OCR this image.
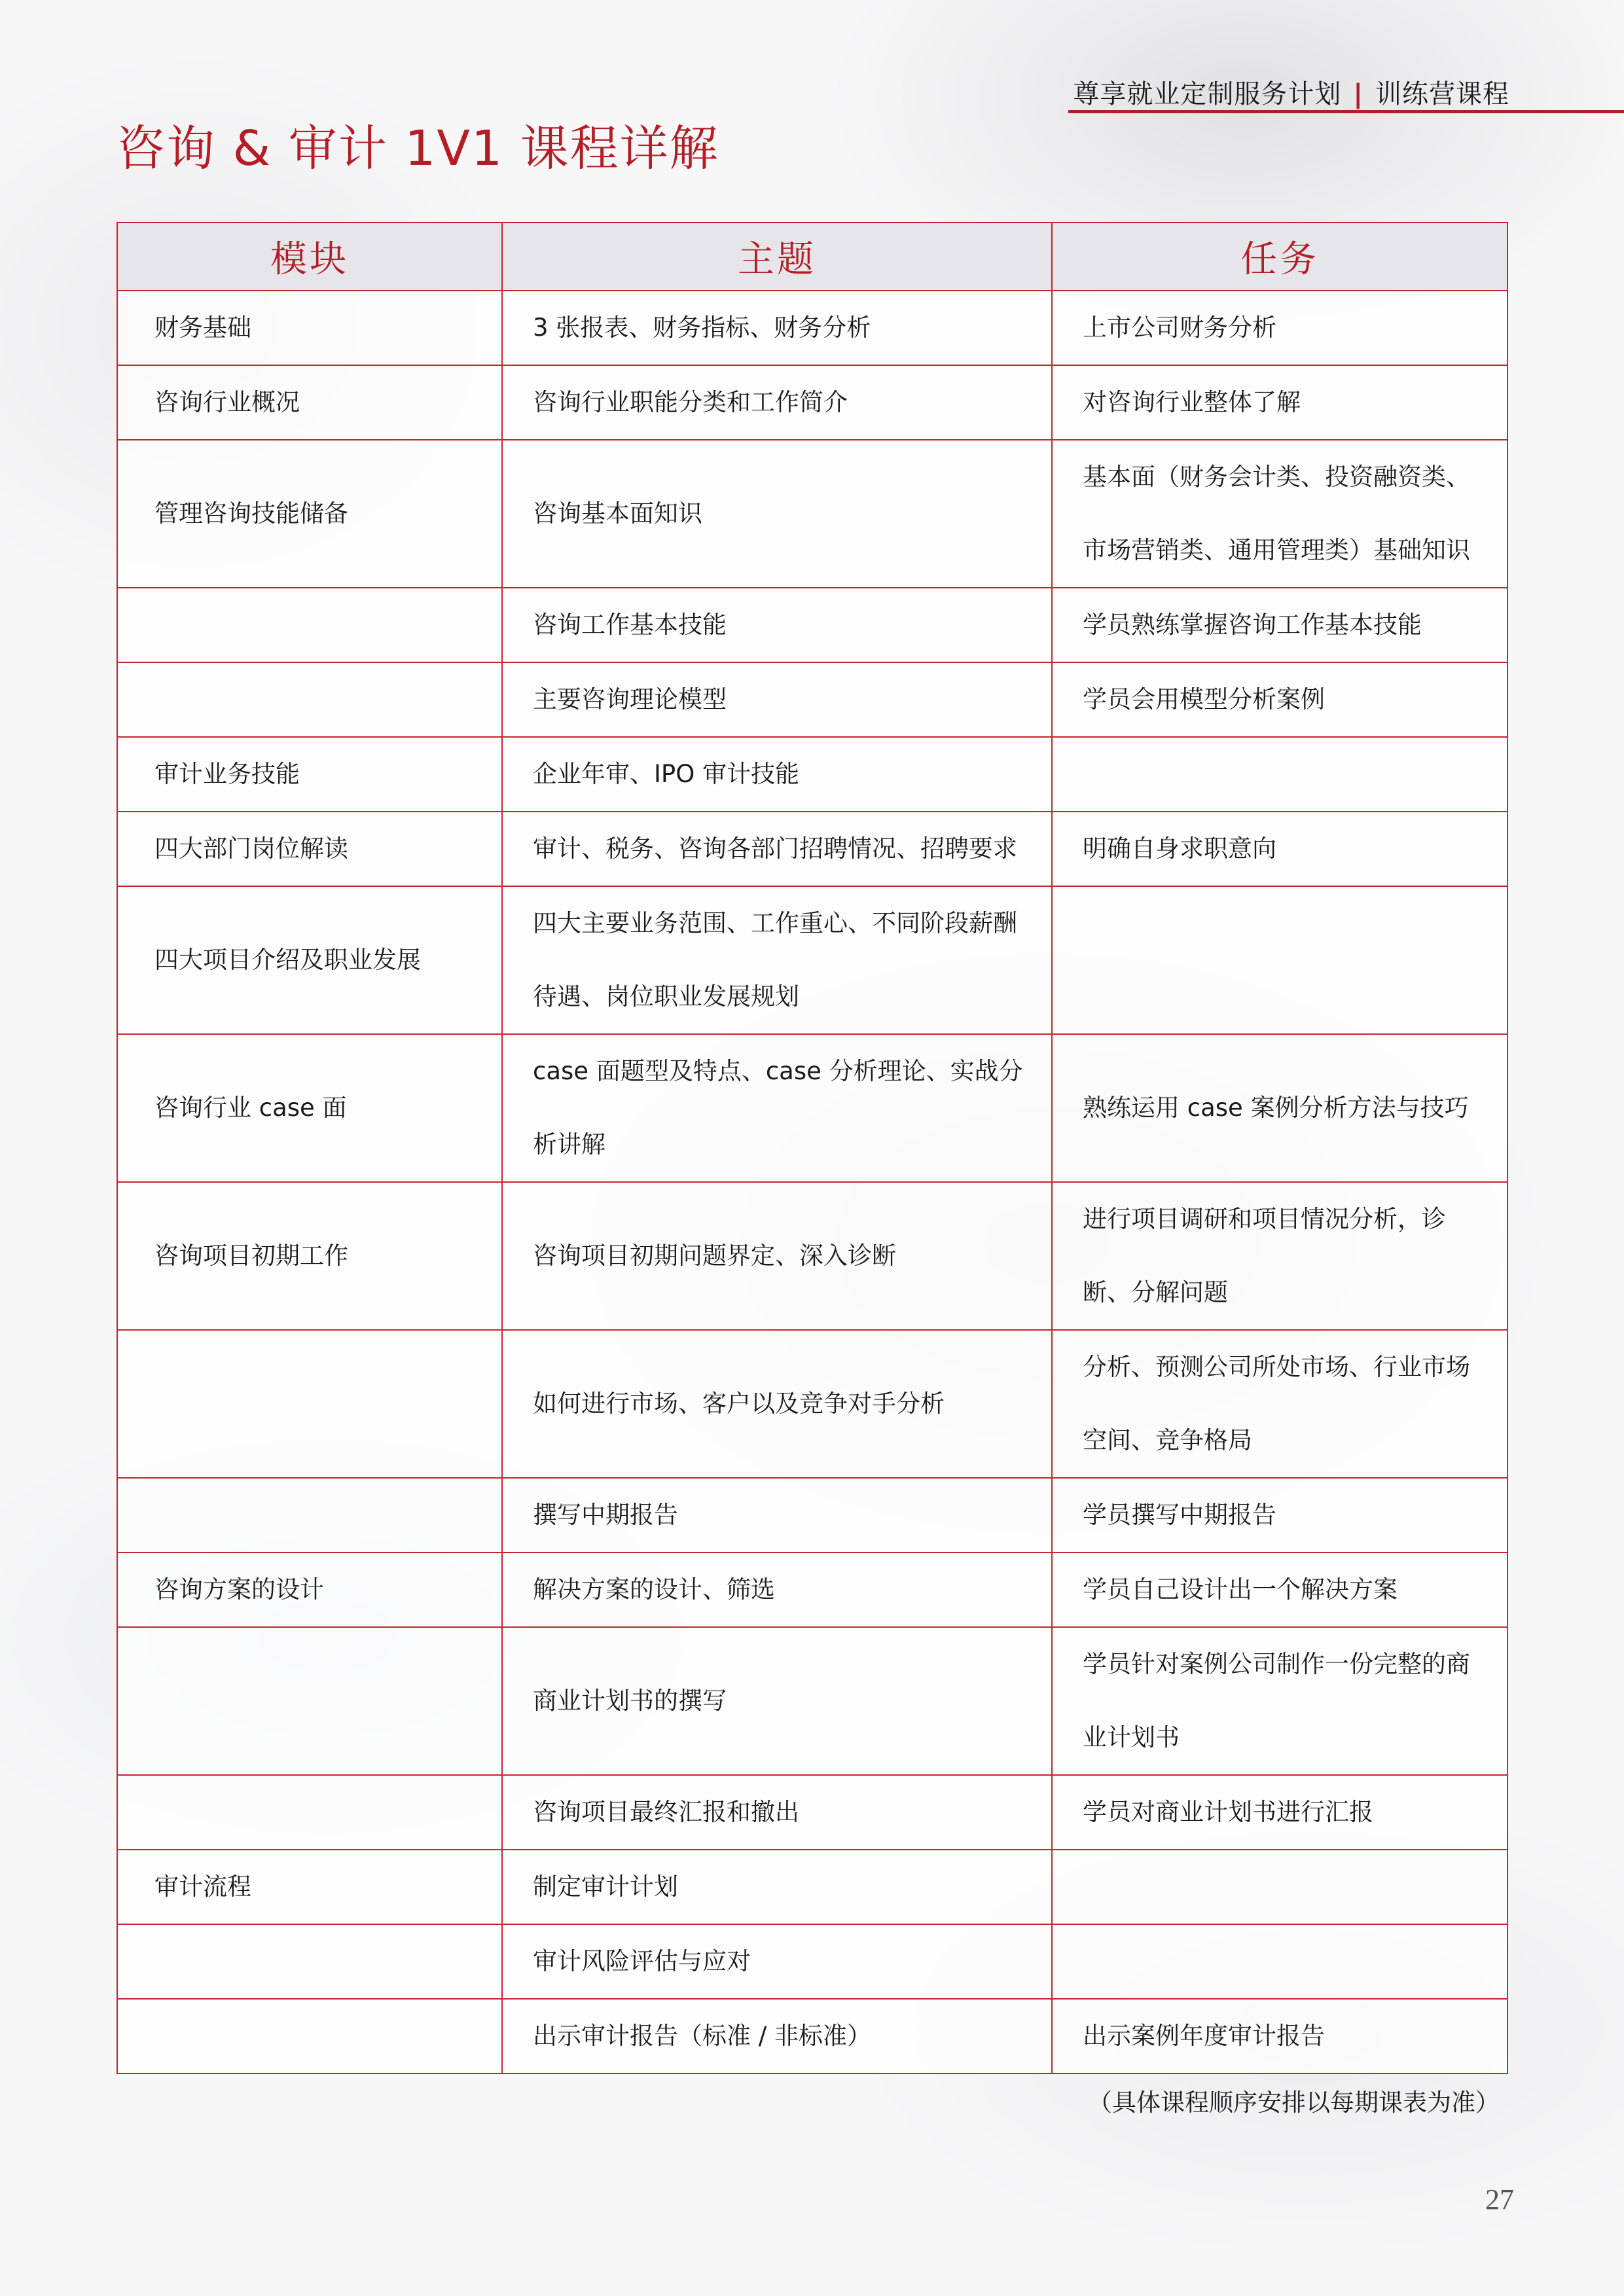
尊享就业定制服务计划 | 训练营课程
咨询 & 审计 1V1 课程详解
模块	主题	任务
财务基础	3 张报表、财务指标、财务分析	上市公司财务分析
咨询行业概况	咨询行业职能分类和工作简介	对咨询行业整体了解
管理咨询技能储备	咨询基本面知识	基本面（财务会计类、投资融资类、市场营销类、通用管理类）基础知识
	咨询工作基本技能	学员熟练掌握咨询工作基本技能
	主要咨询理论模型	学员会用模型分析案例
审计业务技能	企业年审、IPO 审计技能	
四大部门岗位解读	审计、税务、咨询各部门招聘情况、招聘要求	明确自身求职意向
四大项目介绍及职业发展	四大主要业务范围、工作重心、不同阶段薪酬待遇、岗位职业发展规划	
咨询行业 case 面	case 面题型及特点、case 分析理论、实战分析讲解	熟练运用 case 案例分析方法与技巧
咨询项目初期工作	咨询项目初期问题界定、深入诊断	进行项目调研和项目情况分析，诊断、分解问题
	如何进行市场、客户以及竞争对手分析	分析、预测公司所处市场、行业市场空间、竞争格局
	撰写中期报告	学员撰写中期报告
咨询方案的设计	解决方案的设计、筛选	学员自己设计出一个解决方案
	商业计划书的撰写	学员针对案例公司制作一份完整的商业计划书
	咨询项目最终汇报和撤出	学员对商业计划书进行汇报
审计流程	制定审计计划	
	审计风险评估与应对	
	出示审计报告（标准 / 非标准）	出示案例年度审计报告
（具体课程顺序安排以每期课表为准）
27
